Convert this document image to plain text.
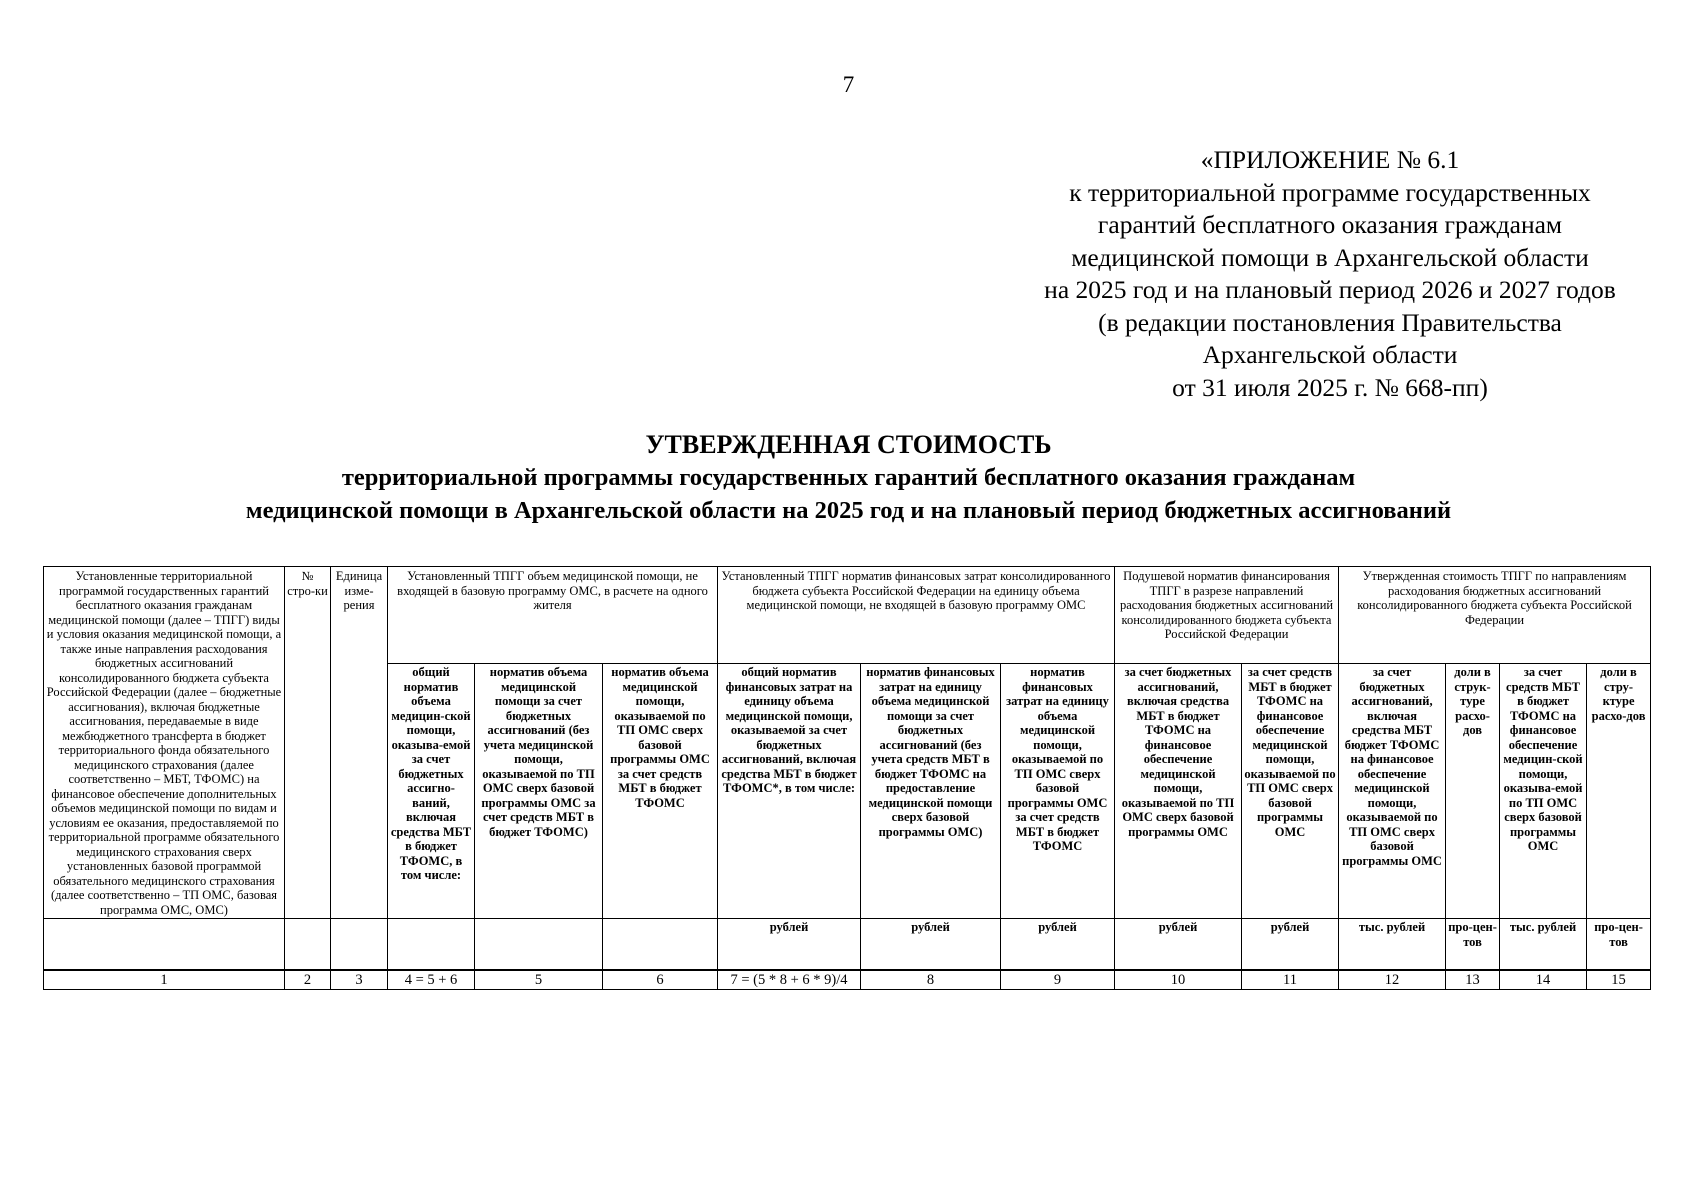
7
«ПРИЛОЖЕНИЕ № 6.1
к территориальной программе государственных
гарантий бесплатного оказания гражданам
медицинской помощи в Архангельской области
на 2025 год и на плановый период 2026 и 2027 годов
(в редакции постановления Правительства
Архангельской области
от 31 июля 2025 г. № 668-пп)
УТВЕРЖДЕННАЯ СТОИМОСТЬ
территориальной программы государственных гарантий бесплатного оказания гражданам
медицинской помощи в Архангельской области на 2025 год и на плановый период бюджетных ассигнований
Установленные территориальной программой государственных гарантий бесплатного оказания гражданам медицинской помощи (далее – ТПГГ) виды и условия оказания медицинской помощи, а также иные направления расходования бюджетных ассигнований консолидированного бюджета субъекта Российской Федерации (далее – бюджетные ассигнования), включая бюджетные ассигнования, передаваемые в виде межбюджетного трансферта в бюджет территориального фонда обязательного медицинского страхования (далее соответственно – МБТ, ТФОМС) на финансовое обеспечение дополнительных объемов медицинской помощи по видам и условиям ее оказания, предоставляемой по территориальной программе обязательного медицинского страхования сверх установленных базовой программой обязательного медицинского страхования (далее соответственно – ТП ОМС, базовая программа ОМС, ОМС)	№ стро-ки	Единица изме-рения	Установленный ТПГГ объем медицинской помощи, не входящей в базовую программу ОМС, в расчете на одного жителя			Установленный ТПГГ норматив финансовых затрат консолидированного бюджета субъекта Российской Федерации на единицу объема медицинской помощи, не входящей в базовую программу ОМС			Подушевой норматив финансирования ТПГГ в разрезе направлений расходования бюджетных ассигнований консолидированного бюджета субъекта Российской Федерации		Утвержденная стоимость ТПГГ по направлениям расходования бюджетных ассигнований консолидированного бюджета субъекта Российской Федерации			
			общий норматив объема медицин-ской помощи, оказыва-емой за счет бюджетных ассигно-ваний, включая средства МБТ в бюджет ТФОМС, в том числе:	норматив объема медицинской помощи за счет бюджетных ассигнований (без учета медицинской помощи, оказываемой по ТП ОМС сверх базовой программы ОМС за счет средств МБТ в бюджет ТФОМС)	норматив объема медицинской помощи, оказываемой по ТП ОМС сверх базовой программы ОМС за счет средств МБТ в бюджет ТФОМС	общий норматив финансовых затрат на единицу объема медицинской помощи, оказываемой за счет бюджетных ассигнований, включая средства МБТ в бюджет ТФОМС*, в том числе:	норматив финансовых затрат на единицу объема медицинской помощи за счет бюджетных ассигнований (без учета средств МБТ в бюджет ТФОМС на предоставление медицинской помощи сверх базовой программы ОМС)	норматив финансовых затрат на единицу объема медицинской помощи, оказываемой по ТП ОМС сверх базовой программы ОМС за счет средств МБТ в бюджет ТФОМС	за счет бюджетных ассигнований, включая средства МБТ в бюджет ТФОМС на финансовое обеспечение медицинской помощи, оказываемой по ТП ОМС сверх базовой программы ОМС	за счет средств МБТ в бюджет ТФОМС на финансовое обеспечение медицинской помощи, оказываемой по ТП ОМС сверх базовой программы ОМС	за счет бюджетных ассигнований, включая средства МБТ бюджет ТФОМС на финансовое обеспечение медицинской помощи, оказываемой по ТП ОМС сверх базовой программы ОМС	доли в струк-туре расхо-дов	за счет средств МБТ в бюджет ТФОМС на финансовое обеспечение медицин-ской помощи, оказыва-емой по ТП ОМС сверх базовой программы ОМС	доли в стру-ктуре расхо-дов
						рублей	рублей	рублей	рублей	рублей	тыс. рублей	про-цен-тов	тыс. рублей	про-цен-тов
1	2	3	4 = 5 + 6	5	6	7 = (5 * 8 + 6 * 9)/4	8	9	10	11	12	13	14	15
